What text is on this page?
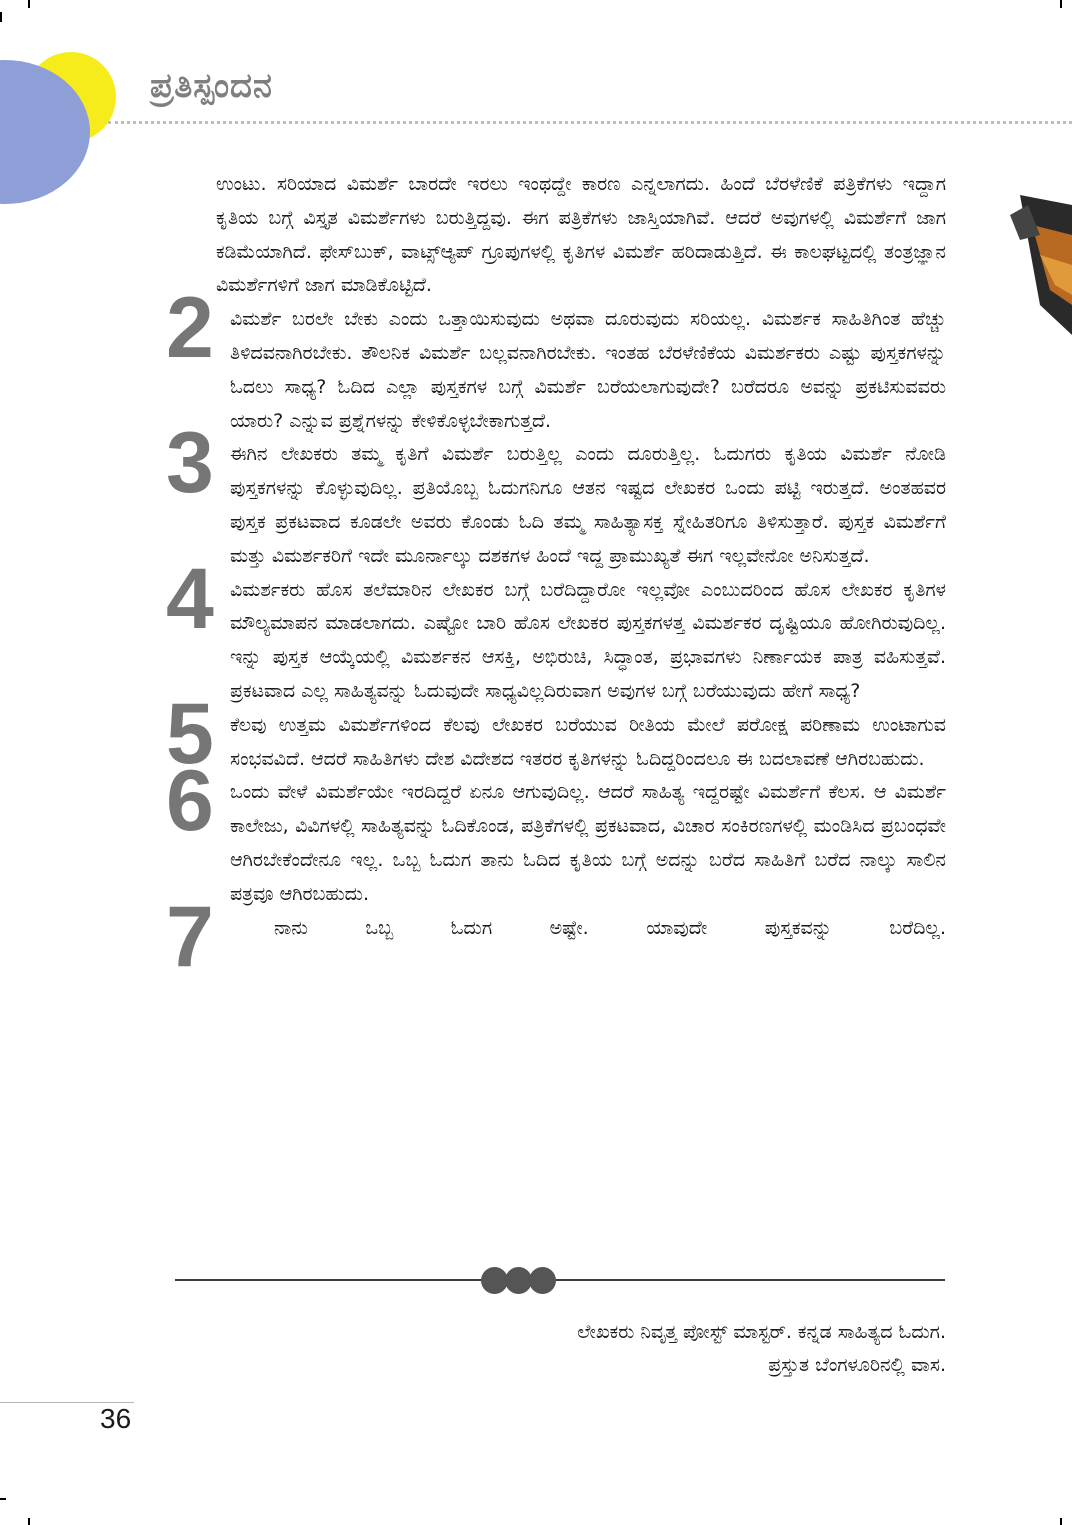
ಪ್ರತಿಸ್ಪಂದನ

ಉಂಟು. ಸರಿಯಾದ ವಿಮರ್ಶೆ ಬಾರದೇ ಇರಲು ಇಂಥದ್ದೇ ಕಾರಣ ಎನ್ನಲಾಗದು. ಹಿಂದೆ ಬೆರಳೆಣಿಕೆ ಪತ್ರಿಕೆಗಳು ಇದ್ದಾಗ ಕೃತಿಯ ಬಗ್ಗೆ ವಿಸ್ತೃತ ವಿಮರ್ಶೆಗಳು ಬರುತ್ತಿದ್ದವು. ಈಗ ಪತ್ರಿಕೆಗಳು ಜಾಸ್ತಿಯಾಗಿವೆ. ಆದರೆ ಅವುಗಳಲ್ಲಿ ವಿಮರ್ಶೆಗೆ ಜಾಗ ಕಡಿಮೆಯಾಗಿದೆ. ಫೇಸ್‌ಬುಕ್, ವಾಟ್ಸ್‌ಆ್ಯಪ್ ಗ್ರೂಪುಗಳಲ್ಲಿ ಕೃತಿಗಳ ವಿಮರ್ಶೆ ಹರಿದಾಡುತ್ತಿದೆ. ಈ ಕಾಲಘಟ್ಟದಲ್ಲಿ ತಂತ್ರಜ್ಞಾನ ವಿಮರ್ಶೆಗಳಿಗೆ ಜಾಗ ಮಾಡಿಕೊಟ್ಟಿದೆ.

2 ವಿಮರ್ಶೆ ಬರಲೇ ಬೇಕು ಎಂದು ಒತ್ತಾಯಿಸುವುದು ಅಥವಾ ದೂರುವುದು ಸರಿಯಲ್ಲ. ವಿಮರ್ಶಕ ಸಾಹಿತಿಗಿಂತ ಹೆಚ್ಚು ತಿಳಿದವನಾಗಿರಬೇಕು. ತೌಲನಿಕ ವಿಮರ್ಶೆ ಬಲ್ಲವನಾಗಿರಬೇಕು. ಇಂತಹ ಬೆರಳೆಣಿಕೆಯ ವಿಮರ್ಶಕರು ಎಷ್ಟು ಪುಸ್ತಕಗಳನ್ನು ಓದಲು ಸಾಧ್ಯ? ಓದಿದ ಎಲ್ಲಾ ಪುಸ್ತಕಗಳ ಬಗ್ಗೆ ವಿಮರ್ಶೆ ಬರೆಯಲಾಗುವುದೇ? ಬರೆದರೂ ಅವನ್ನು ಪ್ರಕಟಿಸುವವರು ಯಾರು? ಎನ್ನುವ ಪ್ರಶ್ನೆಗಳನ್ನು ಕೇಳಿಕೊಳ್ಳಬೇಕಾಗುತ್ತದೆ.

3 ಈಗಿನ ಲೇಖಕರು ತಮ್ಮ ಕೃತಿಗೆ ವಿಮರ್ಶೆ ಬರುತ್ತಿಲ್ಲ ಎಂದು ದೂರುತ್ತಿಲ್ಲ. ಓದುಗರು ಕೃತಿಯ ವಿಮರ್ಶೆ ನೋಡಿ ಪುಸ್ತಕಗಳನ್ನು ಕೊಳ್ಳುವುದಿಲ್ಲ. ಪ್ರತಿಯೊಬ್ಬ ಓದುಗನಿಗೂ ಆತನ ಇಷ್ಟದ ಲೇಖಕರ ಒಂದು ಪಟ್ಟಿ ಇರುತ್ತದೆ. ಅಂತಹವರ ಪುಸ್ತಕ ಪ್ರಕಟವಾದ ಕೂಡಲೇ ಅವರು ಕೊಂಡು ಓದಿ ತಮ್ಮ ಸಾಹಿತ್ಯಾಸಕ್ತ ಸ್ನೇಹಿತರಿಗೂ ತಿಳಿಸುತ್ತಾರೆ. ಪುಸ್ತಕ ವಿಮರ್ಶೆಗೆ ಮತ್ತು ವಿಮರ್ಶಕರಿಗೆ ಇದೇ ಮೂರ್ನಾಲ್ಕು ದಶಕಗಳ ಹಿಂದೆ ಇದ್ದ ಪ್ರಾಮುಖ್ಯತೆ ಈಗ ಇಲ್ಲವೇನೋ ಅನಿಸುತ್ತದೆ.

4 ವಿಮರ್ಶಕರು ಹೊಸ ತಲೆಮಾರಿನ ಲೇಖಕರ ಬಗ್ಗೆ ಬರೆದಿದ್ದಾರೋ ಇಲ್ಲವೋ ಎಂಬುದರಿಂದ ಹೊಸ ಲೇಖಕರ ಕೃತಿಗಳ ಮೌಲ್ಯಮಾಪನ ಮಾಡಲಾಗದು. ಎಷ್ಟೋ ಬಾರಿ ಹೊಸ ಲೇಖಕರ ಪುಸ್ತಕಗಳತ್ತ ವಿಮರ್ಶಕರ ದೃಷ್ಟಿಯೂ ಹೋಗಿರುವುದಿಲ್ಲ. ಇನ್ನು ಪುಸ್ತಕ ಆಯ್ಕೆಯಲ್ಲಿ ವಿಮರ್ಶಕನ ಆಸಕ್ತಿ, ಅಭಿರುಚಿ, ಸಿದ್ಧಾಂತ, ಪ್ರಭಾವಗಳು ನಿರ್ಣಾಯಕ ಪಾತ್ರ ವಹಿಸುತ್ತವೆ. ಪ್ರಕಟವಾದ ಎಲ್ಲ ಸಾಹಿತ್ಯವನ್ನು ಓದುವುದೇ ಸಾಧ್ಯವಿಲ್ಲದಿರುವಾಗ ಅವುಗಳ ಬಗ್ಗೆ ಬರೆಯುವುದು ಹೇಗೆ ಸಾಧ್ಯ?

5 ಕೆಲವು ಉತ್ತಮ ವಿಮರ್ಶೆಗಳಿಂದ ಕೆಲವು ಲೇಖಕರ ಬರೆಯುವ ರೀತಿಯ ಮೇಲೆ ಪರೋಕ್ಷ ಪರಿಣಾಮ ಉಂಟಾಗುವ ಸಂಭವವಿದೆ. ಆದರೆ ಸಾಹಿತಿಗಳು ದೇಶ ವಿದೇಶದ ಇತರರ ಕೃತಿಗಳನ್ನು ಓದಿದ್ದರಿಂದಲೂ ಈ ಬದಲಾವಣೆ ಆಗಿರಬಹುದು.

6 ಒಂದು ವೇಳೆ ವಿಮರ್ಶೆಯೇ ಇರದಿದ್ದರೆ ಏನೂ ಆಗುವುದಿಲ್ಲ. ಆದರೆ ಸಾಹಿತ್ಯ ಇದ್ದರಷ್ಟೇ ವಿಮರ್ಶೆಗೆ ಕೆಲಸ. ಆ ವಿಮರ್ಶೆ ಕಾಲೇಜು, ವಿವಿಗಳಲ್ಲಿ ಸಾಹಿತ್ಯವನ್ನು ಓದಿಕೊಂಡ, ಪತ್ರಿಕೆಗಳಲ್ಲಿ ಪ್ರಕಟವಾದ, ವಿಚಾರ ಸಂಕಿರಣಗಳಲ್ಲಿ ಮಂಡಿಸಿದ ಪ್ರಬಂಧವೇ ಆಗಿರಬೇಕೆಂದೇನೂ ಇಲ್ಲ. ಒಬ್ಬ ಓದುಗ ತಾನು ಓದಿದ ಕೃತಿಯ ಬಗ್ಗೆ ಅದನ್ನು ಬರೆದ ಸಾಹಿತಿಗೆ ಬರೆದ ನಾಲ್ಕು ಸಾಲಿನ ಪತ್ರವೂ ಆಗಿರಬಹುದು.

7	ನಾನು ಒಬ್ಬ ಓದುಗ ಅಷ್ಟೇ. ಯಾವುದೇ ಪುಸ್ತಕವನ್ನು ಬರೆದಿಲ್ಲ.

ಲೇಖಕರು ನಿವೃತ್ತ ಪೋಸ್ಟ್ ಮಾಸ್ಟರ್. ಕನ್ನಡ ಸಾಹಿತ್ಯದ ಓದುಗ.
ಪ್ರಸ್ತುತ ಬೆಂಗಳೂರಿನಲ್ಲಿ ವಾಸ.
36
